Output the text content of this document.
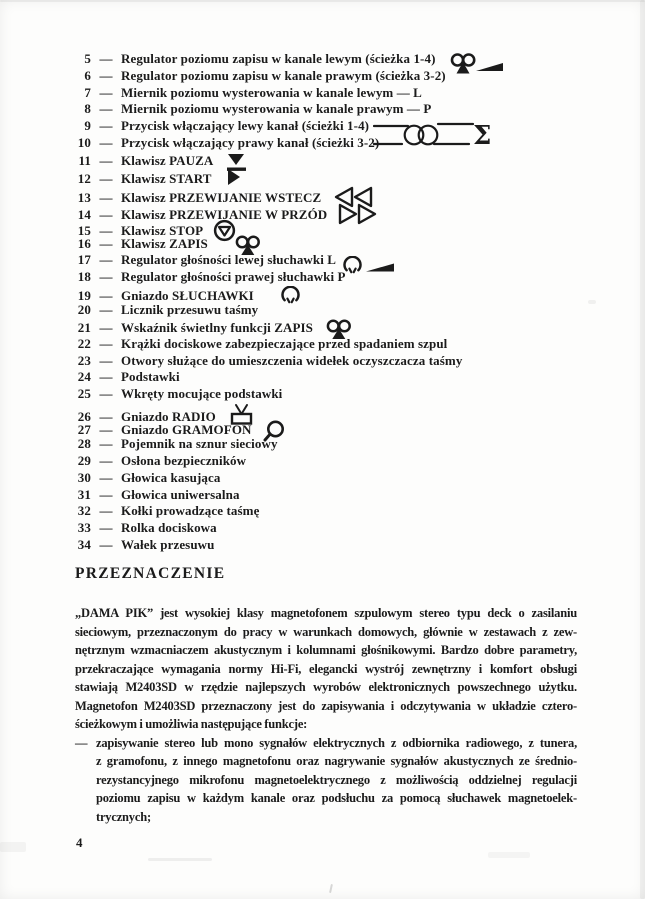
5 — Regulator poziomu zapisu w kanale lewym (ścieżka 1-4)
6 — Regulator poziomu zapisu w kanale prawym (ścieżka 3-2)
7 — Miernik poziomu wysterowania w kanale lewym — L
8 — Miernik poziomu wysterowania w kanale prawym — P
9 — Przycisk włączający lewy kanał (ścieżki 1-4)
10 — Przycisk włączający prawy kanał (ścieżki 3-2)
11 — Klawisz PAUZA
12 — Klawisz START
13 — Klawisz PRZEWIJANIE WSTECZ
14 — Klawisz PRZEWIJANIE W PRZÓD
15 — Klawisz STOP
16 — Klawisz ZAPIS
17 — Regulator głośności lewej słuchawki L
18 — Regulator głośności prawej słuchawki P
19 — Gniazdo SŁUCHAWKI
20 — Licznik przesuwu taśmy
21 — Wskaźnik świetlny funkcji ZAPIS
22 — Krążki dociskowe zabezpieczające przed spadaniem szpul
23 — Otwory służące do umieszczenia widełek oczyszczacza taśmy
24 — Podstawki
25 — Wkręty mocujące podstawki
26 — Gniazdo RADIO
27 — Gniazdo GRAMOFON
28 — Pojemnik na sznur sieciowy
29 — Osłona bezpieczników
30 — Głowica kasująca
31 — Głowica uniwersalna
32 — Kołki prowadzące taśmę
33 — Rolka dociskowa
34 — Wałek przesuwu
PRZEZNACZENIE
„DAMA PIK” jest wysokiej klasy magnetofonem szpulowym stereo typu deck o zasilaniu
sieciowym, przeznaczonym do pracy w warunkach domowych, głównie w zestawach z zew-
nętrznym wzmacniaczem akustycznym i kolumnami głośnikowymi. Bardzo dobre parametry,
przekraczające wymagania normy Hi-Fi, elegancki wystrój zewnętrzny i komfort obsługi
stawiają M2403SD w rzędzie najlepszych wyrobów elektronicznych powszechnego użytku.
Magnetofon M2403SD przeznaczony jest do zapisywania i odczytywania w układzie cztero-
ścieżkowym i umożliwia następujące funkcje:
— zapisywanie stereo lub mono sygnałów elektrycznych z odbiornika radiowego, z tunera,
z gramofonu, z innego magnetofonu oraz nagrywanie sygnałów akustycznych ze średnio-
rezystancyjnego mikrofonu magnetoelektrycznego z możliwością oddzielnej regulacji
poziomu zapisu w każdym kanale oraz podsłuchu za pomocą słuchawek magnetoelek-
trycznych;
4
Σ
